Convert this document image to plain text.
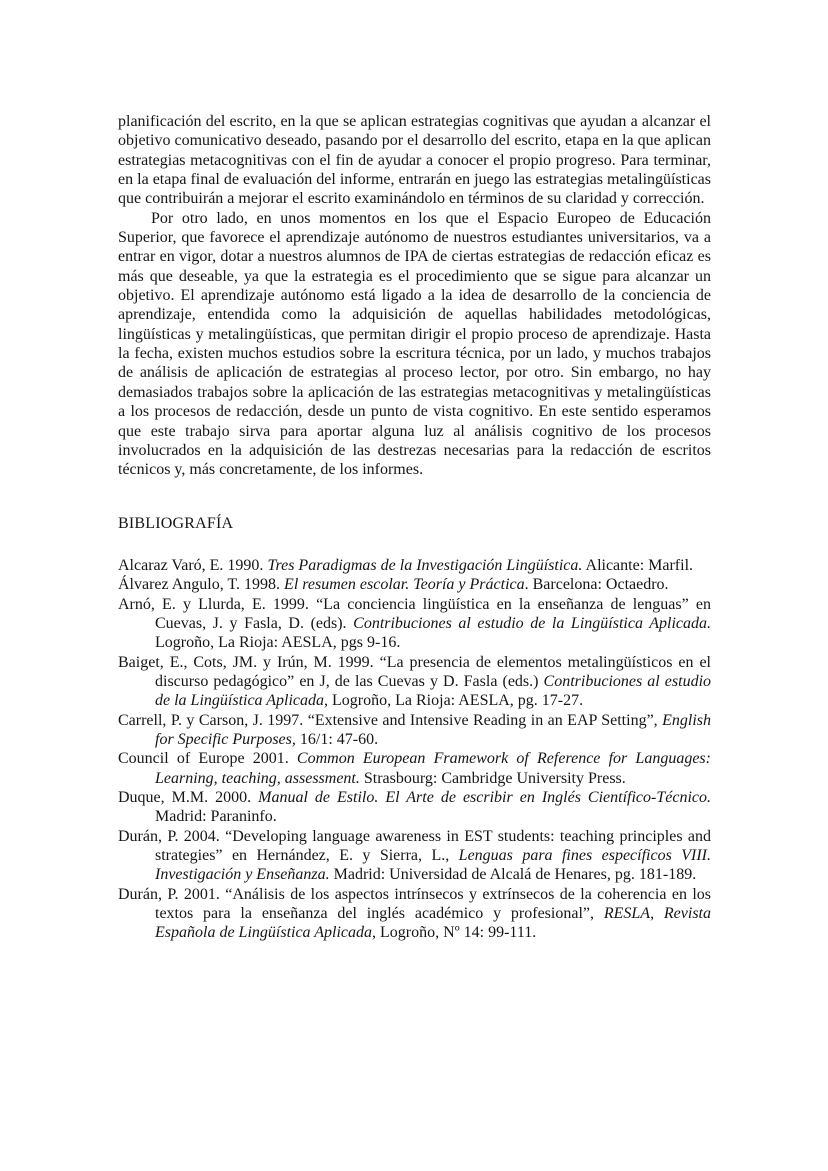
planificación del escrito, en la que se aplican estrategias cognitivas que ayudan a alcanzar el objetivo comunicativo deseado, pasando por el desarrollo del escrito, etapa en la que aplican estrategias metacognitivas con el fin de ayudar a conocer el propio progreso. Para terminar, en la etapa final de evaluación del informe, entrarán en juego las estrategias metalingüísticas que contribuirán a mejorar el escrito examinándolo en términos de su claridad y corrección.

Por otro lado, en unos momentos en los que el Espacio Europeo de Educación Superior, que favorece el aprendizaje autónomo de nuestros estudiantes universitarios, va a entrar en vigor, dotar a nuestros alumnos de IPA de ciertas estrategias de redacción eficaz es más que deseable, ya que la estrategia es el procedimiento que se sigue para alcanzar un objetivo. El aprendizaje autónomo está ligado a la idea de desarrollo de la conciencia de aprendizaje, entendida como la adquisición de aquellas habilidades metodológicas, lingüísticas y metalingüísticas, que permitan dirigir el propio proceso de aprendizaje. Hasta la fecha, existen muchos estudios sobre la escritura técnica, por un lado, y muchos trabajos de análisis de aplicación de estrategias al proceso lector, por otro. Sin embargo, no hay demasiados trabajos sobre la aplicación de las estrategias metacognitivas y metalingüísticas a los procesos de redacción, desde un punto de vista cognitivo. En este sentido esperamos que este trabajo sirva para aportar alguna luz al análisis cognitivo de los procesos involucrados en la adquisición de las destrezas necesarias para la redacción de escritos técnicos y, más concretamente, de los informes.

BIBLIOGRAFÍA

Alcaraz Varó, E. 1990. Tres Paradigmas de la Investigación Lingüística. Alicante: Marfil.

Álvarez Angulo, T. 1998. El resumen escolar. Teoría y Práctica. Barcelona: Octaedro.

Arnó, E. y Llurda, E. 1999. “La conciencia lingüística en la enseñanza de lenguas” en Cuevas, J. y Fasla, D. (eds). Contribuciones al estudio de la Lingüística Aplicada. Logroño, La Rioja: AESLA, pgs 9-16.

Baiget, E., Cots, JM. y Irún, M. 1999. “La presencia de elementos metalingüísticos en el discurso pedagógico” en J, de las Cuevas y D. Fasla (eds.) Contribuciones al estudio de la Lingüística Aplicada, Logroño, La Rioja: AESLA, pg. 17-27.

Carrell, P. y Carson, J. 1997. “Extensive and Intensive Reading in an EAP Setting”, English for Specific Purposes, 16/1: 47-60.

Council of Europe 2001. Common European Framework of Reference for Languages: Learning, teaching, assessment. Strasbourg: Cambridge University Press.

Duque, M.M. 2000. Manual de Estilo. El Arte de escribir en Inglés Científico-Técnico. Madrid: Paraninfo.

Durán, P. 2004. “Developing language awareness in EST students: teaching principles and strategies” en Hernández, E. y Sierra, L., Lenguas para fines específicos VIII. Investigación y Enseñanza. Madrid: Universidad de Alcalá de Henares, pg. 181-189.

Durán, P. 2001. “Análisis de los aspectos intrínsecos y extrínsecos de la coherencia en los textos para la enseñanza del inglés académico y profesional”, RESLA, Revista Española de Lingüística Aplicada, Logroño, Nº 14: 99-111.
